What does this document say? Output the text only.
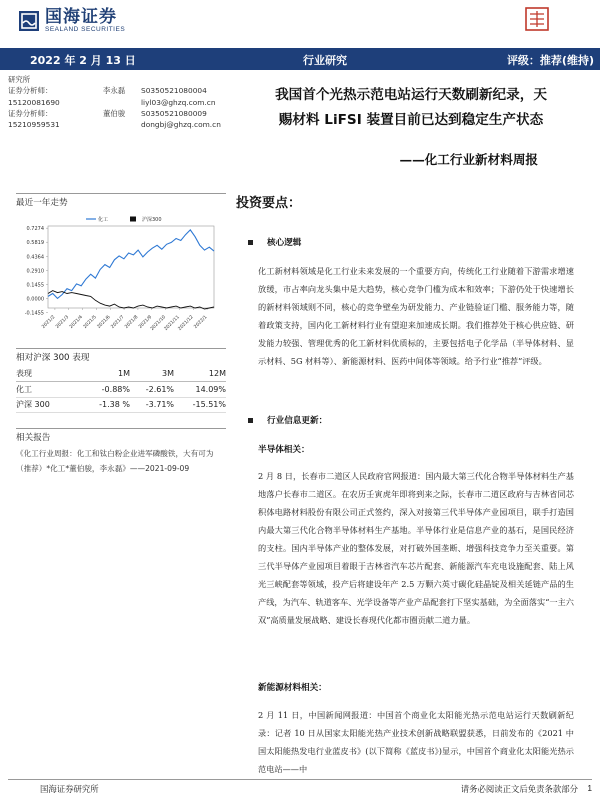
国海证券
SEALAND SECURITIES
2022 年 2 月 13 日	行业研究	评级：推荐(维持)
研究所
证券分析师：	李永磊	S0350521080004
15120081690	liyl03@ghzq.com.cn
证券分析师：	董伯骏	S0350521080009
15210959531	dongbj@ghzq.com.cn
我国首个光热示范电站运行天数刷新纪录，天
赐材料 LiFSI 装置目前已达到稳定生产状态
——化工行业新材料周报
最近一年走势
0.7274
0.5819
0.4364
0.2910
0.1455
0.0000
-0.1455
2021/2
2021/3
2021/4
2021/5
2021/6
2021/7
2021/8
2021/9
2021/10
2021/11
2021/12
2022/1
化工	沪深300
相对沪深 300 表现
表现	1M	3M	12M
化工	-0.88%	-2.61%	14.09%
沪深 300	-1.38 %	-3.71%	-15.51%
相关报告
《化工行业周报：化工和钛白粉企业进军磷酸铁，大有可为（推荐）*化工*董伯骏，李永磊》——2021-09-09
投资要点：
核心逻辑
化工新材料领域是化工行业未来发展的一个重要方向，传统化工行业随着下游需求增速放缓，市占率向龙头集中是大趋势，核心竞争门槛为成本和效率；下游仍处于快速增长的新材料领域则不同，核心的竞争壁垒为研发能力、产业链验证门槛、服务能力等，随着政策支持，国内化工新材料行业有望迎来加速成长期。我们推荐处于核心供应链、研发能力较强、管理优秀的化工新材料优质标的，主要包括电子化学品（半导体材料、显示材料、5G 材料等）、新能源材料、医药中间体等领域。给予行业“推荐”评级。
行业信息更新：
半导体相关：
2 月 8 日，长春市二道区人民政府官网报道：国内最大第三代化合物半导体材料生产基地落户长春市二道区。在农历壬寅虎年即将到来之际，长春市二道区政府与吉林省同芯积体电路材料股份有限公司正式签约，深入对接第三代半导体产业园项目，联手打造国内最大第三代化合物半导体材料生产基地。半导体行业是信息产业的基石，是国民经济的支柱。国内半导体产业的整体发展，对打破外国垄断、增强科技竞争力至关重要。第三代半导体产业园项目着眼于吉林省汽车芯片配套、新能源汽车充电设施配套、陆上风光三峡配套等领域，投产后将建设年产 2.5 万颗六英寸碳化硅晶锭及相关延链产品的生产线，为汽车、轨道客车、光学设备等产业产品配套打下坚实基础，为全面落实“一主六双”高质量发展战略、建设长春现代化都市圈贡献二道力量。
新能源材料相关：
2 月 11 日，中国新闻网报道：中国首个商业化太阳能光热示范电站运行天数刷新纪录：记者 10 日从国家太阳能光热产业技术创新战略联盟获悉，日前发布的《2021 中国太阳能热发电行业蓝皮书》(以下简称《蓝皮书》)显示，中国首个商业化太阳能光热示范电站——中
国海证券研究所	请务必阅读正文后免责条款部分 1
